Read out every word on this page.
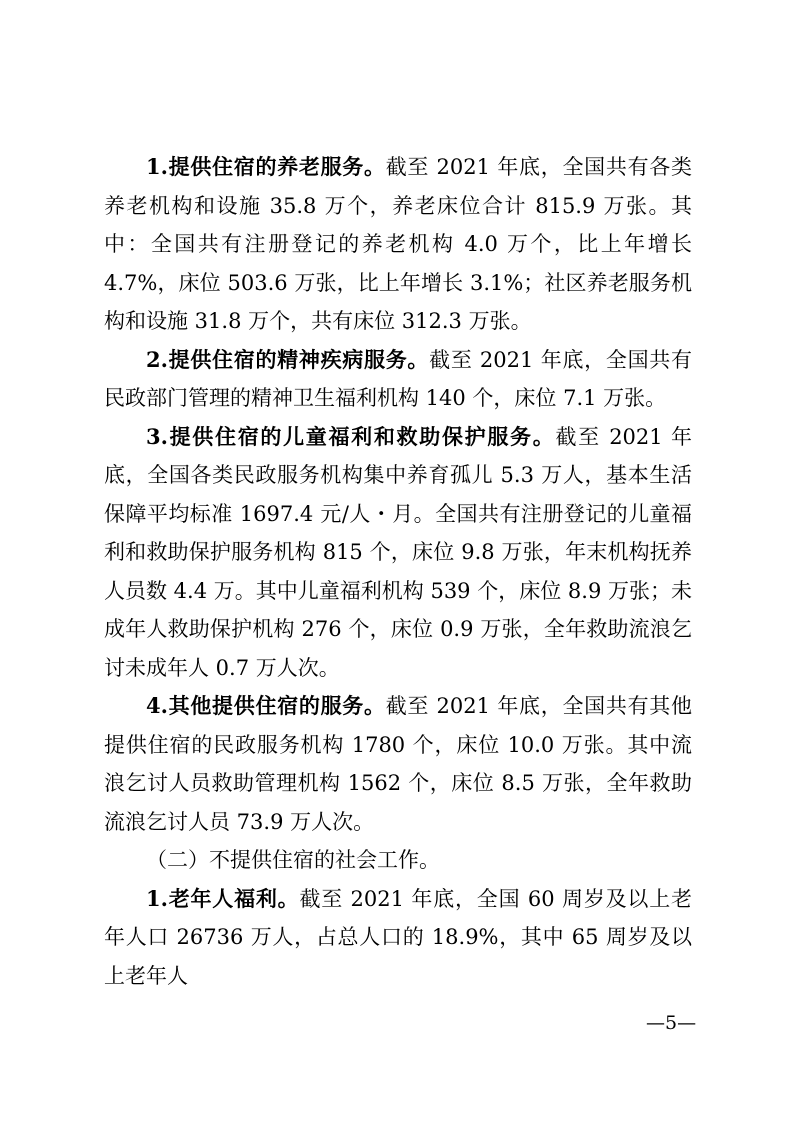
1.提供住宿的养老服务。截至 2021 年底，全国共有各类养老机构和设施 35.8 万个，养老床位合计 815.9 万张。其中：全国共有注册登记的养老机构 4.0 万个，比上年增长 4.7%，床位 503.6 万张，比上年增长 3.1%；社区养老服务机构和设施 31.8 万个，共有床位 312.3 万张。

2.提供住宿的精神疾病服务。截至 2021 年底，全国共有民政部门管理的精神卫生福利机构 140 个，床位 7.1 万张。

3.提供住宿的儿童福利和救助保护服务。截至 2021 年底，全国各类民政服务机构集中养育孤儿 5.3 万人，基本生活保障平均标准 1697.4 元/人・月。全国共有注册登记的儿童福利和救助保护服务机构 815 个，床位 9.8 万张，年末机构抚养人员数 4.4 万。其中儿童福利机构 539 个，床位 8.9 万张；未成年人救助保护机构 276 个，床位 0.9 万张，全年救助流浪乞讨未成年人 0.7 万人次。

4.其他提供住宿的服务。截至 2021 年底，全国共有其他提供住宿的民政服务机构 1780 个，床位 10.0 万张。其中流浪乞讨人员救助管理机构 1562 个，床位 8.5 万张，全年救助流浪乞讨人员 73.9 万人次。

（二）不提供住宿的社会工作。

1.老年人福利。截至 2021 年底，全国 60 周岁及以上老年人口 26736 万人，占总人口的 18.9%，其中 65 周岁及以上老年人

—5—
